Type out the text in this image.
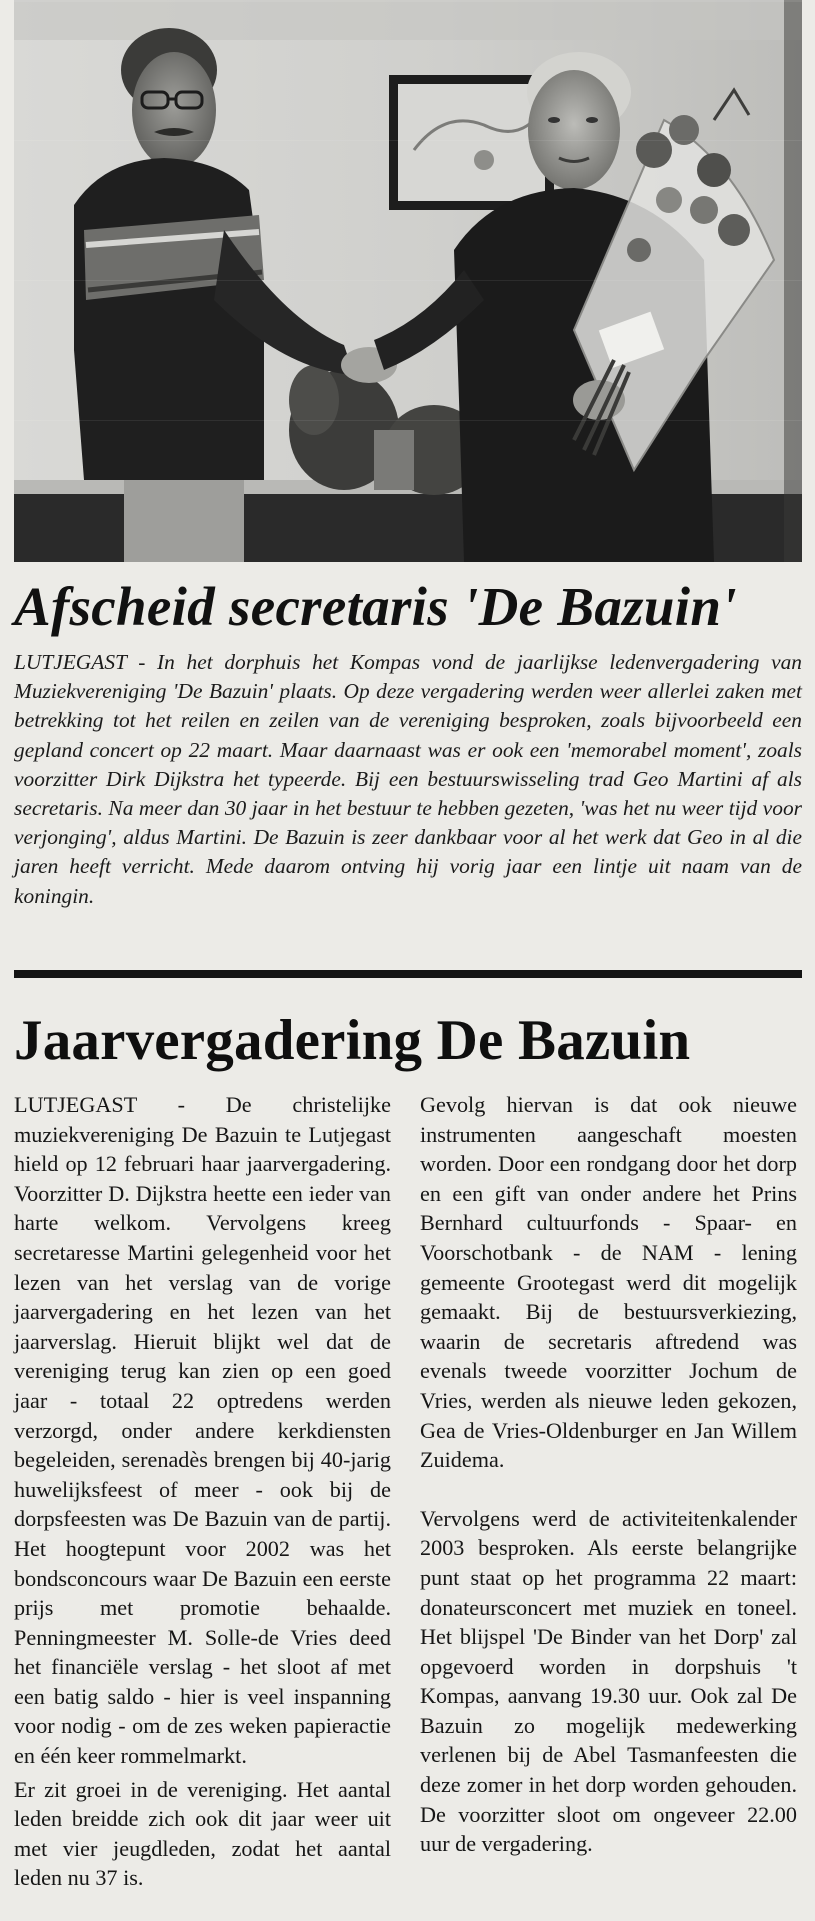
Afscheid secretaris 'De Bazuin'

LUTJEGAST - In het dorphuis het Kompas vond de jaarlijkse ledenvergadering van Muziekvereniging 'De Bazuin' plaats. Op deze vergadering werden weer allerlei zaken met betrekking tot het reilen en zeilen van de vereniging besproken, zoals bijvoorbeeld een gepland concert op 22 maart. Maar daarnaast was er ook een 'memorabel moment', zoals voorzitter Dirk Dijkstra het typeerde. Bij een bestuurswisseling trad Geo Martini af als secretaris. Na meer dan 30 jaar in het bestuur te hebben gezeten, 'was het nu weer tijd voor verjonging', aldus Martini. De Bazuin is zeer dankbaar voor al het werk dat Geo in al die jaren heeft verricht. Mede daarom ontving hij vorig jaar een lintje uit naam van de koningin.

Jaarvergadering De Bazuin

LUTJEGAST - De christelijke muziekvereniging De Bazuin te Lutjegast hield op 12 februari haar jaarvergadering. Voorzitter D. Dijkstra heette een ieder van harte welkom. Vervolgens kreeg secretaresse Martini gelegenheid voor het lezen van het verslag van de vorige jaarvergadering en het lezen van het jaarverslag. Hieruit blijkt wel dat de vereniging terug kan zien op een goed jaar - totaal 22 optredens werden verzorgd, onder andere kerkdiensten begeleiden, serenadès brengen bij 40-jarig huwelijksfeest of meer - ook bij de dorpsfeesten was De Bazuin van de partij. Het hoogtepunt voor 2002 was het bondsconcours waar De Bazuin een eerste prijs met promotie behaalde. Penningmeester M. Solle-de Vries deed het financiële verslag - het sloot af met een batig saldo - hier is veel inspanning voor nodig - om de zes weken papieractie en één keer rommelmarkt.

Er zit groei in de vereniging. Het aantal leden breidde zich ook dit jaar weer uit met vier jeugdleden, zodat het aantal leden nu 37 is.

Gevolg hiervan is dat ook nieuwe instrumenten aangeschaft moesten worden. Door een rondgang door het dorp en een gift van onder andere het Prins Bernhard cultuurfonds - Spaar- en Voorschotbank - de NAM - lening gemeente Grootegast werd dit mogelijk gemaakt. Bij de bestuursverkiezing, waarin de secretaris aftredend was evenals tweede voorzitter Jochum de Vries, werden als nieuwe leden gekozen, Gea de Vries-Oldenburger en Jan Willem Zuidema.

Vervolgens werd de activiteitenkalender 2003 besproken. Als eerste belangrijke punt staat op het programma 22 maart: donateursconcert met muziek en toneel. Het blijspel 'De Binder van het Dorp' zal opgevoerd worden in dorpshuis 't Kompas, aanvang 19.30 uur. Ook zal De Bazuin zo mogelijk medewerking verlenen bij de Abel Tasmanfeesten die deze zomer in het dorp worden gehouden. De voorzitter sloot om ongeveer 22.00 uur de vergadering.
